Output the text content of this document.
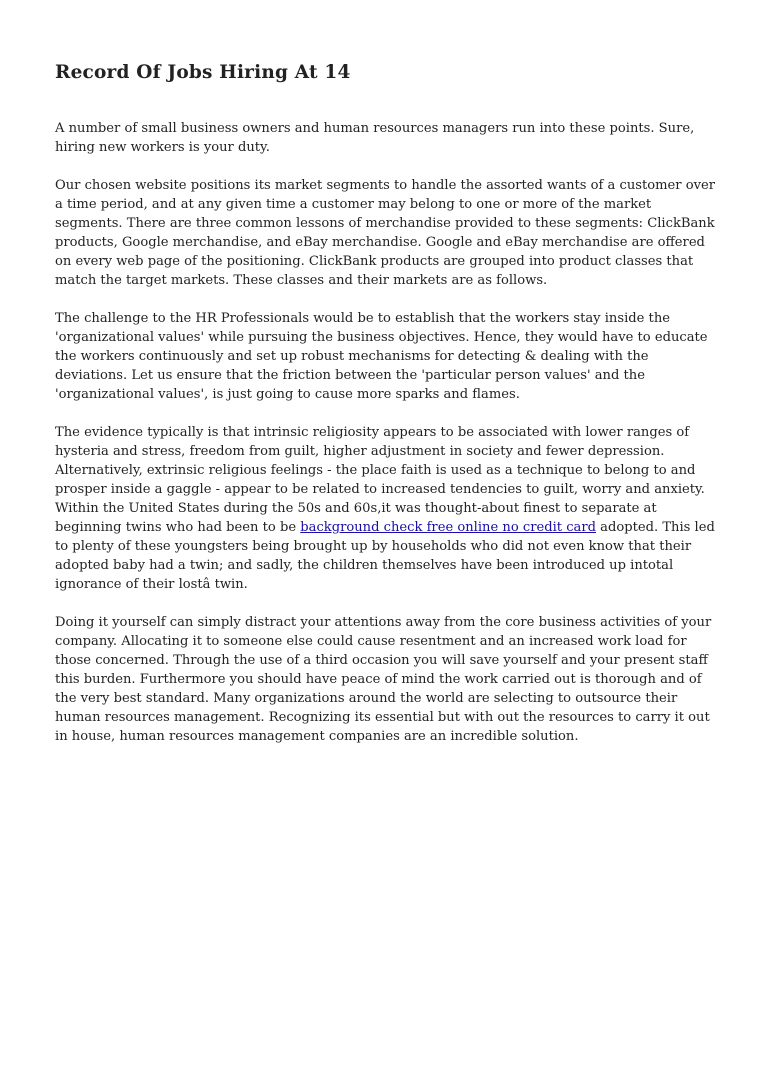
Record Of Jobs Hiring At 14

A number of small business owners and human resources managers run into these points. Sure, hiring new workers is your duty.

Our chosen website positions its market segments to handle the assorted wants of a customer over a time period, and at any given time a customer may belong to one or more of the market segments. There are three common lessons of merchandise provided to these segments: ClickBank products, Google merchandise, and eBay merchandise. Google and eBay merchandise are offered on every web page of the positioning. ClickBank products are grouped into product classes that match the target markets. These classes and their markets are as follows.

The challenge to the HR Professionals would be to establish that the workers stay inside the 'organizational values' while pursuing the business objectives. Hence, they would have to educate the workers continuously and set up robust mechanisms for detecting & dealing with the deviations. Let us ensure that the friction between the 'particular person values' and the 'organizational values', is just going to cause more sparks and flames.

The evidence typically is that intrinsic religiosity appears to be associated with lower ranges of hysteria and stress, freedom from guilt, higher adjustment in society and fewer depression. Alternatively, extrinsic religious feelings - the place faith is used as a technique to belong to and prosper inside a gaggle - appear to be related to increased tendencies to guilt, worry and anxiety. Within the United States during the 50s and 60s,it was thought-about finest to separate at beginning twins who had been to be background check free online no credit card adopted. This led to plenty of these youngsters being brought up by households who did not even know that their adopted baby had a twin; and sadly, the children themselves have been introduced up intotal ignorance of their lostâ twin.

Doing it yourself can simply distract your attentions away from the core business activities of your company. Allocating it to someone else could cause resentment and an increased work load for those concerned. Through the use of a third occasion you will save yourself and your present staff this burden. Furthermore you should have peace of mind the work carried out is thorough and of the very best standard. Many organizations around the world are selecting to outsource their human resources management. Recognizing its essential but with out the resources to carry it out in house, human resources management companies are an incredible solution.
